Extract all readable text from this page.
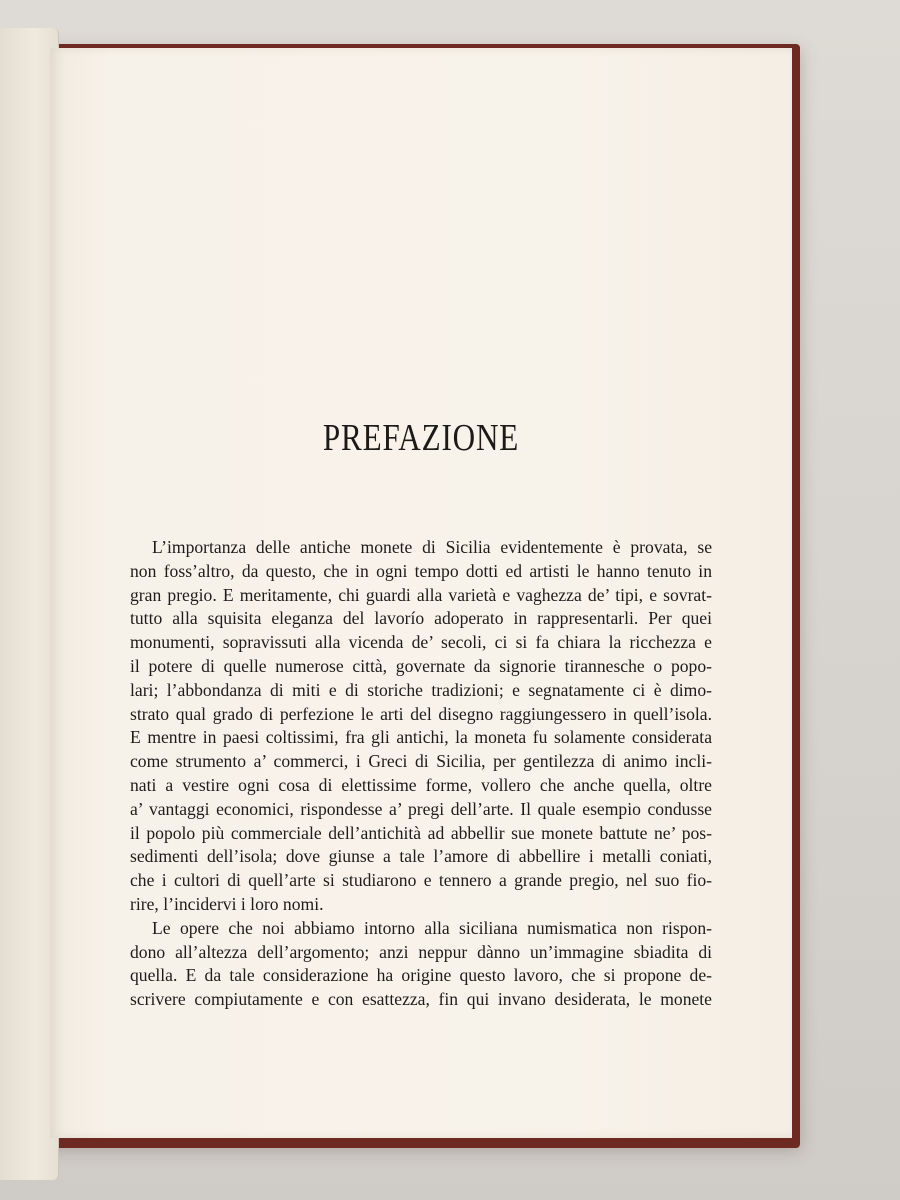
PREFAZIONE
L’importanza delle antiche monete di Sicilia evidentemente è provata, se
non foss’altro, da questo, che in ogni tempo dotti ed artisti le hanno tenuto in
gran pregio. E meritamente, chi guardi alla varietà e vaghezza de’ tipi, e sovrat-
tutto alla squisita eleganza del lavorío adoperato in rappresentarli. Per quei
monumenti, sopravissuti alla vicenda de’ secoli, ci si fa chiara la ricchezza e
il potere di quelle numerose città, governate da signorie tirannesche o popo-
lari; l’abbondanza di miti e di storiche tradizioni; e segnatamente ci è dimo-
strato qual grado di perfezione le arti del disegno raggiungessero in quell’isola.
E mentre in paesi coltissimi, fra gli antichi, la moneta fu solamente considerata
come strumento a’ commerci, i Greci di Sicilia, per gentilezza di animo incli-
nati a vestire ogni cosa di elettissime forme, vollero che anche quella, oltre
a’ vantaggi economici, rispondesse a’ pregi dell’arte. Il quale esempio condusse
il popolo più commerciale dell’antichità ad abbellir sue monete battute ne’ pos-
sedimenti dell’isola; dove giunse a tale l’amore di abbellire i metalli coniati,
che i cultori di quell’arte si studiarono e tennero a grande pregio, nel suo fio-
rire, l’incidervi i loro nomi.
Le opere che noi abbiamo intorno alla siciliana numismatica non rispon-
dono all’altezza dell’argomento; anzi neppur dànno un’immagine sbiadita di
quella. E da tale considerazione ha origine questo lavoro, che si propone de-
scrivere compiutamente e con esattezza, fin qui invano desiderata, le monete
